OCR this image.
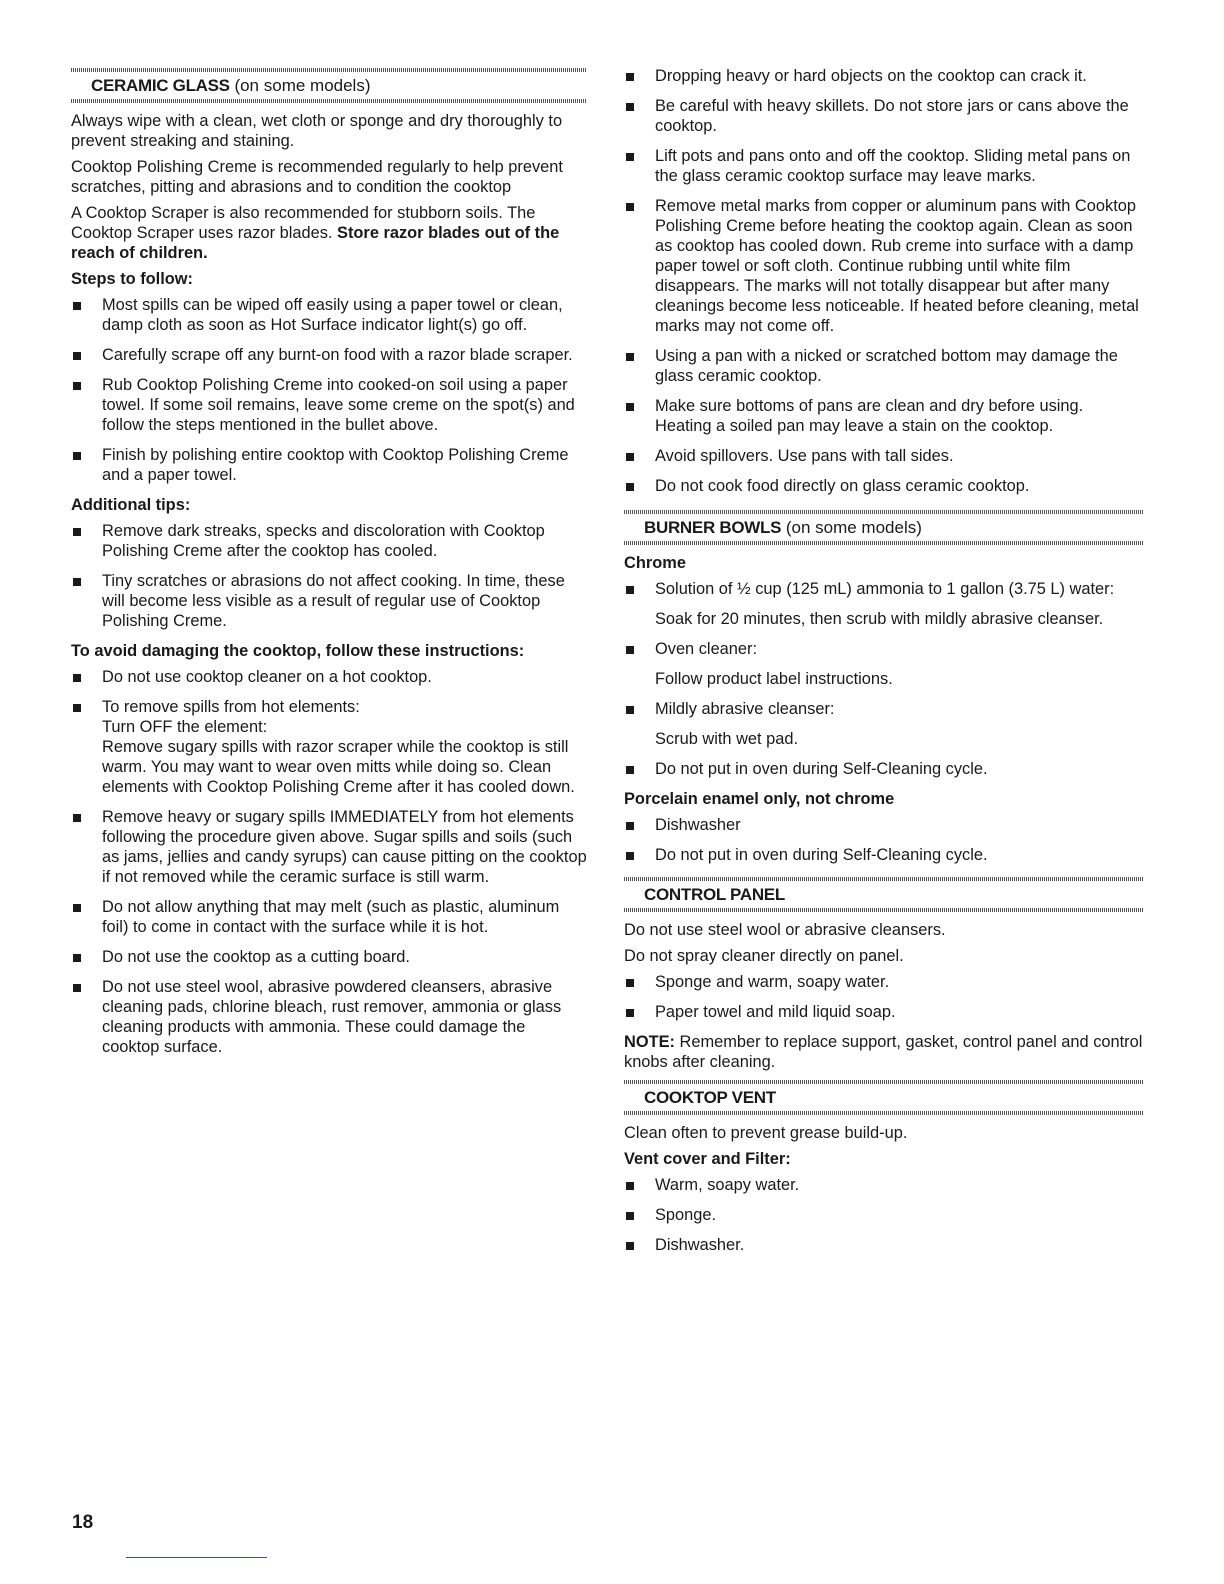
CERAMIC GLASS (on some models)

Always wipe with a clean, wet cloth or sponge and dry thoroughly to prevent streaking and staining.

Cooktop Polishing Creme is recommended regularly to help prevent scratches, pitting and abrasions and to condition the cooktop

A Cooktop Scraper is also recommended for stubborn soils. The Cooktop Scraper uses razor blades. Store razor blades out of the reach of children.

Steps to follow:
Most spills can be wiped off easily using a paper towel or clean, damp cloth as soon as Hot Surface indicator light(s) go off.
Carefully scrape off any burnt-on food with a razor blade scraper.
Rub Cooktop Polishing Creme into cooked-on soil using a paper towel. If some soil remains, leave some creme on the spot(s) and follow the steps mentioned in the bullet above.
Finish by polishing entire cooktop with Cooktop Polishing Creme and a paper towel.
Additional tips:
Remove dark streaks, specks and discoloration with Cooktop Polishing Creme after the cooktop has cooled.
Tiny scratches or abrasions do not affect cooking. In time, these will become less visible as a result of regular use of Cooktop Polishing Creme.
To avoid damaging the cooktop, follow these instructions:
Do not use cooktop cleaner on a hot cooktop.
To remove spills from hot elements:
Turn OFF the element:
Remove sugary spills with razor scraper while the cooktop is still warm. You may want to wear oven mitts while doing so. Clean elements with Cooktop Polishing Creme after it has cooled down.
Remove heavy or sugary spills IMMEDIATELY from hot elements following the procedure given above. Sugar spills and soils (such as jams, jellies and candy syrups) can cause pitting on the cooktop if not removed while the ceramic surface is still warm.
Do not allow anything that may melt (such as plastic, aluminum foil) to come in contact with the surface while it is hot.
Do not use the cooktop as a cutting board.
Do not use steel wool, abrasive powdered cleansers, abrasive cleaning pads, chlorine bleach, rust remover, ammonia or glass cleaning products with ammonia. These could damage the cooktop surface.
Dropping heavy or hard objects on the cooktop can crack it.
Be careful with heavy skillets. Do not store jars or cans above the cooktop.
Lift pots and pans onto and off the cooktop. Sliding metal pans on the glass ceramic cooktop surface may leave marks.
Remove metal marks from copper or aluminum pans with Cooktop Polishing Creme before heating the cooktop again. Clean as soon as cooktop has cooled down. Rub creme into surface with a damp paper towel or soft cloth. Continue rubbing until white film disappears. The marks will not totally disappear but after many cleanings become less noticeable. If heated before cleaning, metal marks may not come off.
Using a pan with a nicked or scratched bottom may damage the glass ceramic cooktop.
Make sure bottoms of pans are clean and dry before using. Heating a soiled pan may leave a stain on the cooktop.
Avoid spillovers. Use pans with tall sides.
Do not cook food directly on glass ceramic cooktop.
BURNER BOWLS (on some models)
Chrome
Solution of ½ cup (125 mL) ammonia to 1 gallon (3.75 L) water:
Soak for 20 minutes, then scrub with mildly abrasive cleanser.
Oven cleaner:
Follow product label instructions.
Mildly abrasive cleanser:
Scrub with wet pad.
Do not put in oven during Self-Cleaning cycle.
Porcelain enamel only, not chrome
Dishwasher
Do not put in oven during Self-Cleaning cycle.
CONTROL PANEL

Do not use steel wool or abrasive cleansers.

Do not spray cleaner directly on panel.

Sponge and warm, soapy water.
Paper towel and mild liquid soap.

NOTE: Remember to replace support, gasket, control panel and control knobs after cleaning.

COOKTOP VENT

Clean often to prevent grease build-up.

Vent cover and Filter:
Warm, soapy water.
Sponge.
Dishwasher.
18
